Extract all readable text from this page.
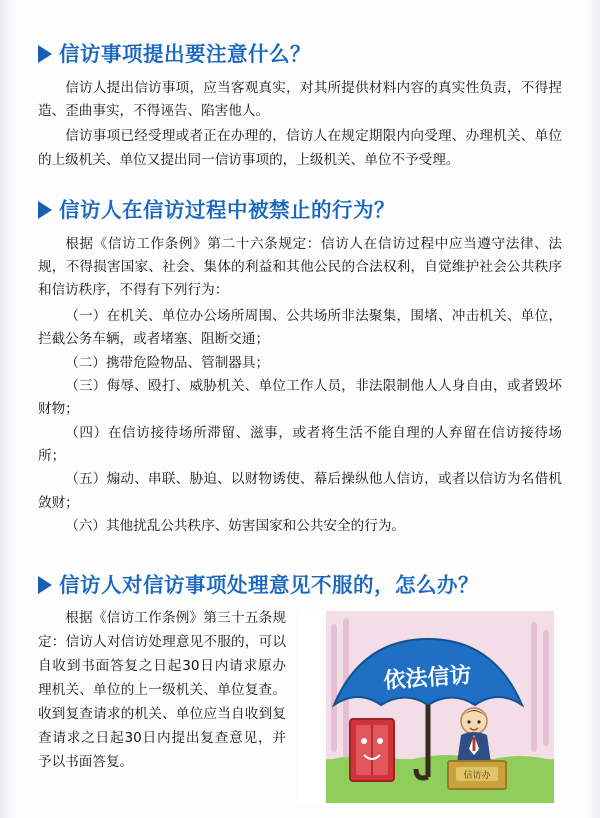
信访事项提出要注意什么？

信访人提出信访事项，应当客观真实，对其所提供材料内容的真实性负责，不得捏造、歪曲事实，不得诬告、陷害他人。

信访事项已经受理或者正在办理的，信访人在规定期限内向受理、办理机关、单位的上级机关、单位又提出同一信访事项的，上级机关、单位不予受理。

信访人在信访过程中被禁止的行为？

根据《信访工作条例》第二十六条规定：信访人在信访过程中应当遵守法律、法规，不得损害国家、社会、集体的利益和其他公民的合法权利，自觉维护社会公共秩序和信访秩序，不得有下列行为：

（一）在机关、单位办公场所周围、公共场所非法聚集，围堵、冲击机关、单位，拦截公务车辆，或者堵塞、阻断交通；

（二）携带危险物品、管制器具；

（三）侮辱、殴打、威胁机关、单位工作人员，非法限制他人人身自由，或者毁坏财物；

（四）在信访接待场所滞留、滋事，或者将生活不能自理的人弃留在信访接待场所；

（五）煽动、串联、胁迫、以财物诱使、幕后操纵他人信访，或者以信访为名借机敛财；

（六）其他扰乱公共秩序、妨害国家和公共安全的行为。

信访人对信访事项处理意见不服的，怎么办？
依法信访
信访办

根据《信访工作条例》第三十五条规定：信访人对信访处理意见不服的，可以自收到书面答复之日起30日内请求原办理机关、单位的上一级机关、单位复查。收到复查请求的机关、单位应当自收到复查请求之日起30日内提出复查意见，并予以书面答复。
